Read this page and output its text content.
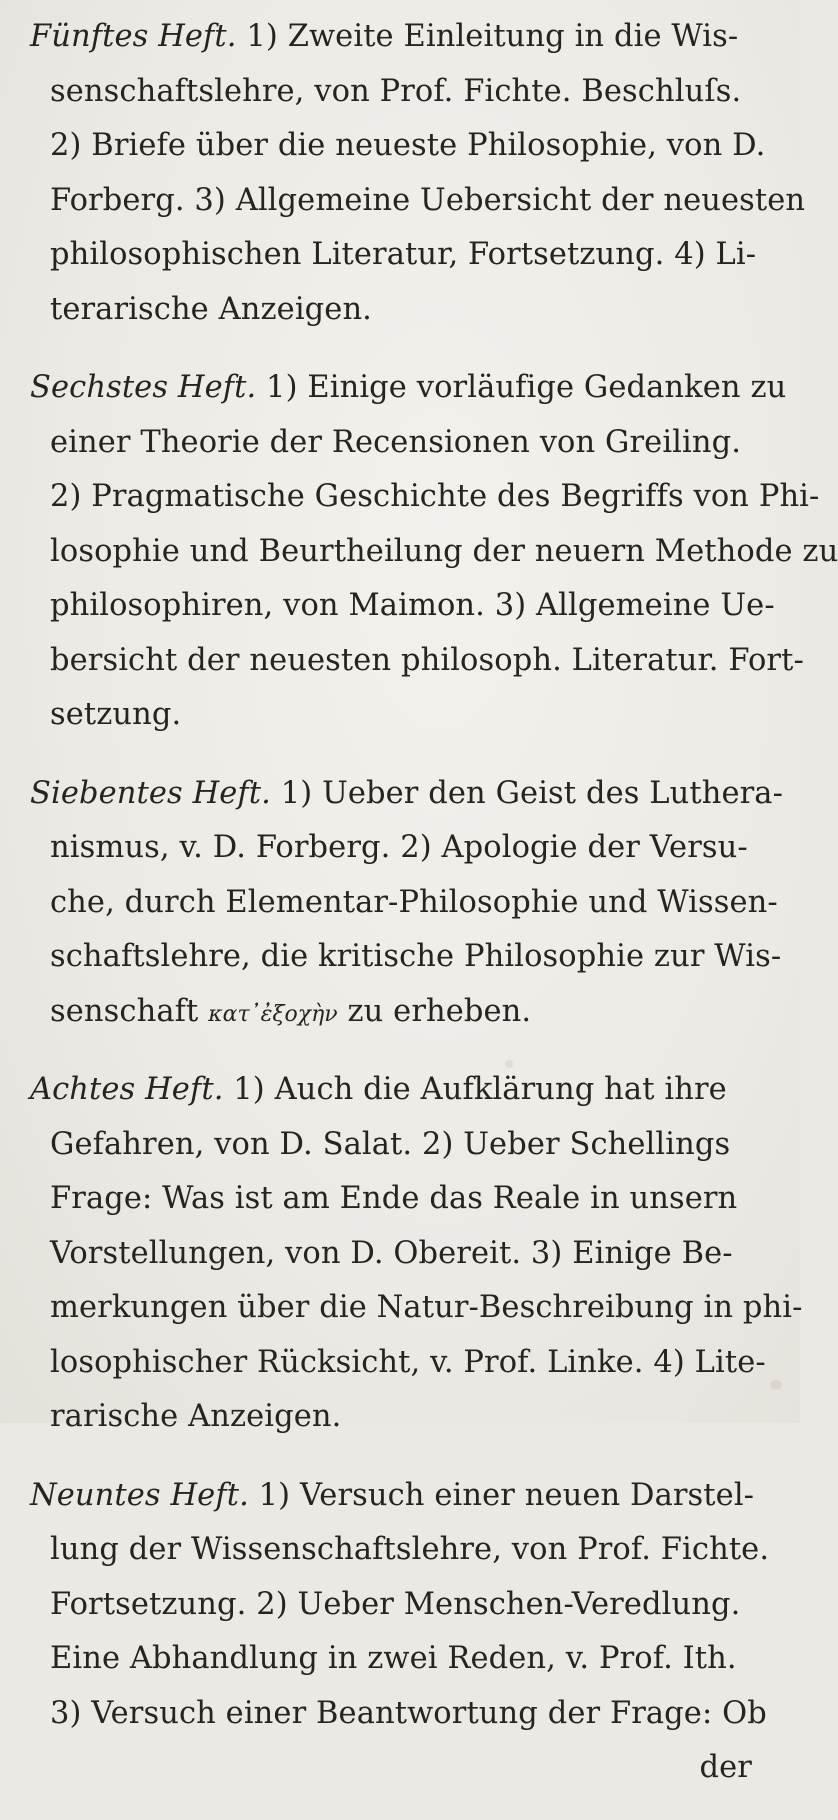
Fünftes Heft. 1) Zweite Einleitung in die Wis-
senschaftslehre, von Prof. Fichte. Beschluſs.
2) Briefe über die neueste Philosophie, von D.
Forberg. 3) Allgemeine Uebersicht der neuesten
philosophischen Literatur, Fortsetzung. 4) Li-
terarische Anzeigen.
Sechstes Heft. 1) Einige vorläufige Gedanken zu
einer Theorie der Recensionen von Greiling.
2) Pragmatische Geschichte des Begriffs von Phi-
losophie und Beurtheilung der neuern Methode zu
philosophiren, von Maimon. 3) Allgemeine Ue-
bersicht der neuesten philosoph. Literatur. Fort-
setzung.
Siebentes Heft. 1) Ueber den Geist des Luthera-
nismus, v. D. Forberg. 2) Apologie der Versu-
che, durch Elementar-Philosophie und Wissen-
schaftslehre, die kritische Philosophie zur Wis-
senschaft κατ᾽ἐξοχὴν zu erheben.
Achtes Heft. 1) Auch die Aufklärung hat ihre
Gefahren, von D. Salat. 2) Ueber Schellings
Frage: Was ist am Ende das Reale in unsern
Vorstellungen, von D. Obereit. 3) Einige Be-
merkungen über die Natur-Beschreibung in phi-
losophischer Rücksicht, v. Prof. Linke. 4) Lite-
rarische Anzeigen.
Neuntes Heft. 1) Versuch einer neuen Darstel-
lung der Wissenschaftslehre, von Prof. Fichte.
Fortsetzung. 2) Ueber Menschen-Veredlung.
Eine Abhandlung in zwei Reden, v. Prof. Ith.
3) Versuch einer Beantwortung der Frage: Ob
der
